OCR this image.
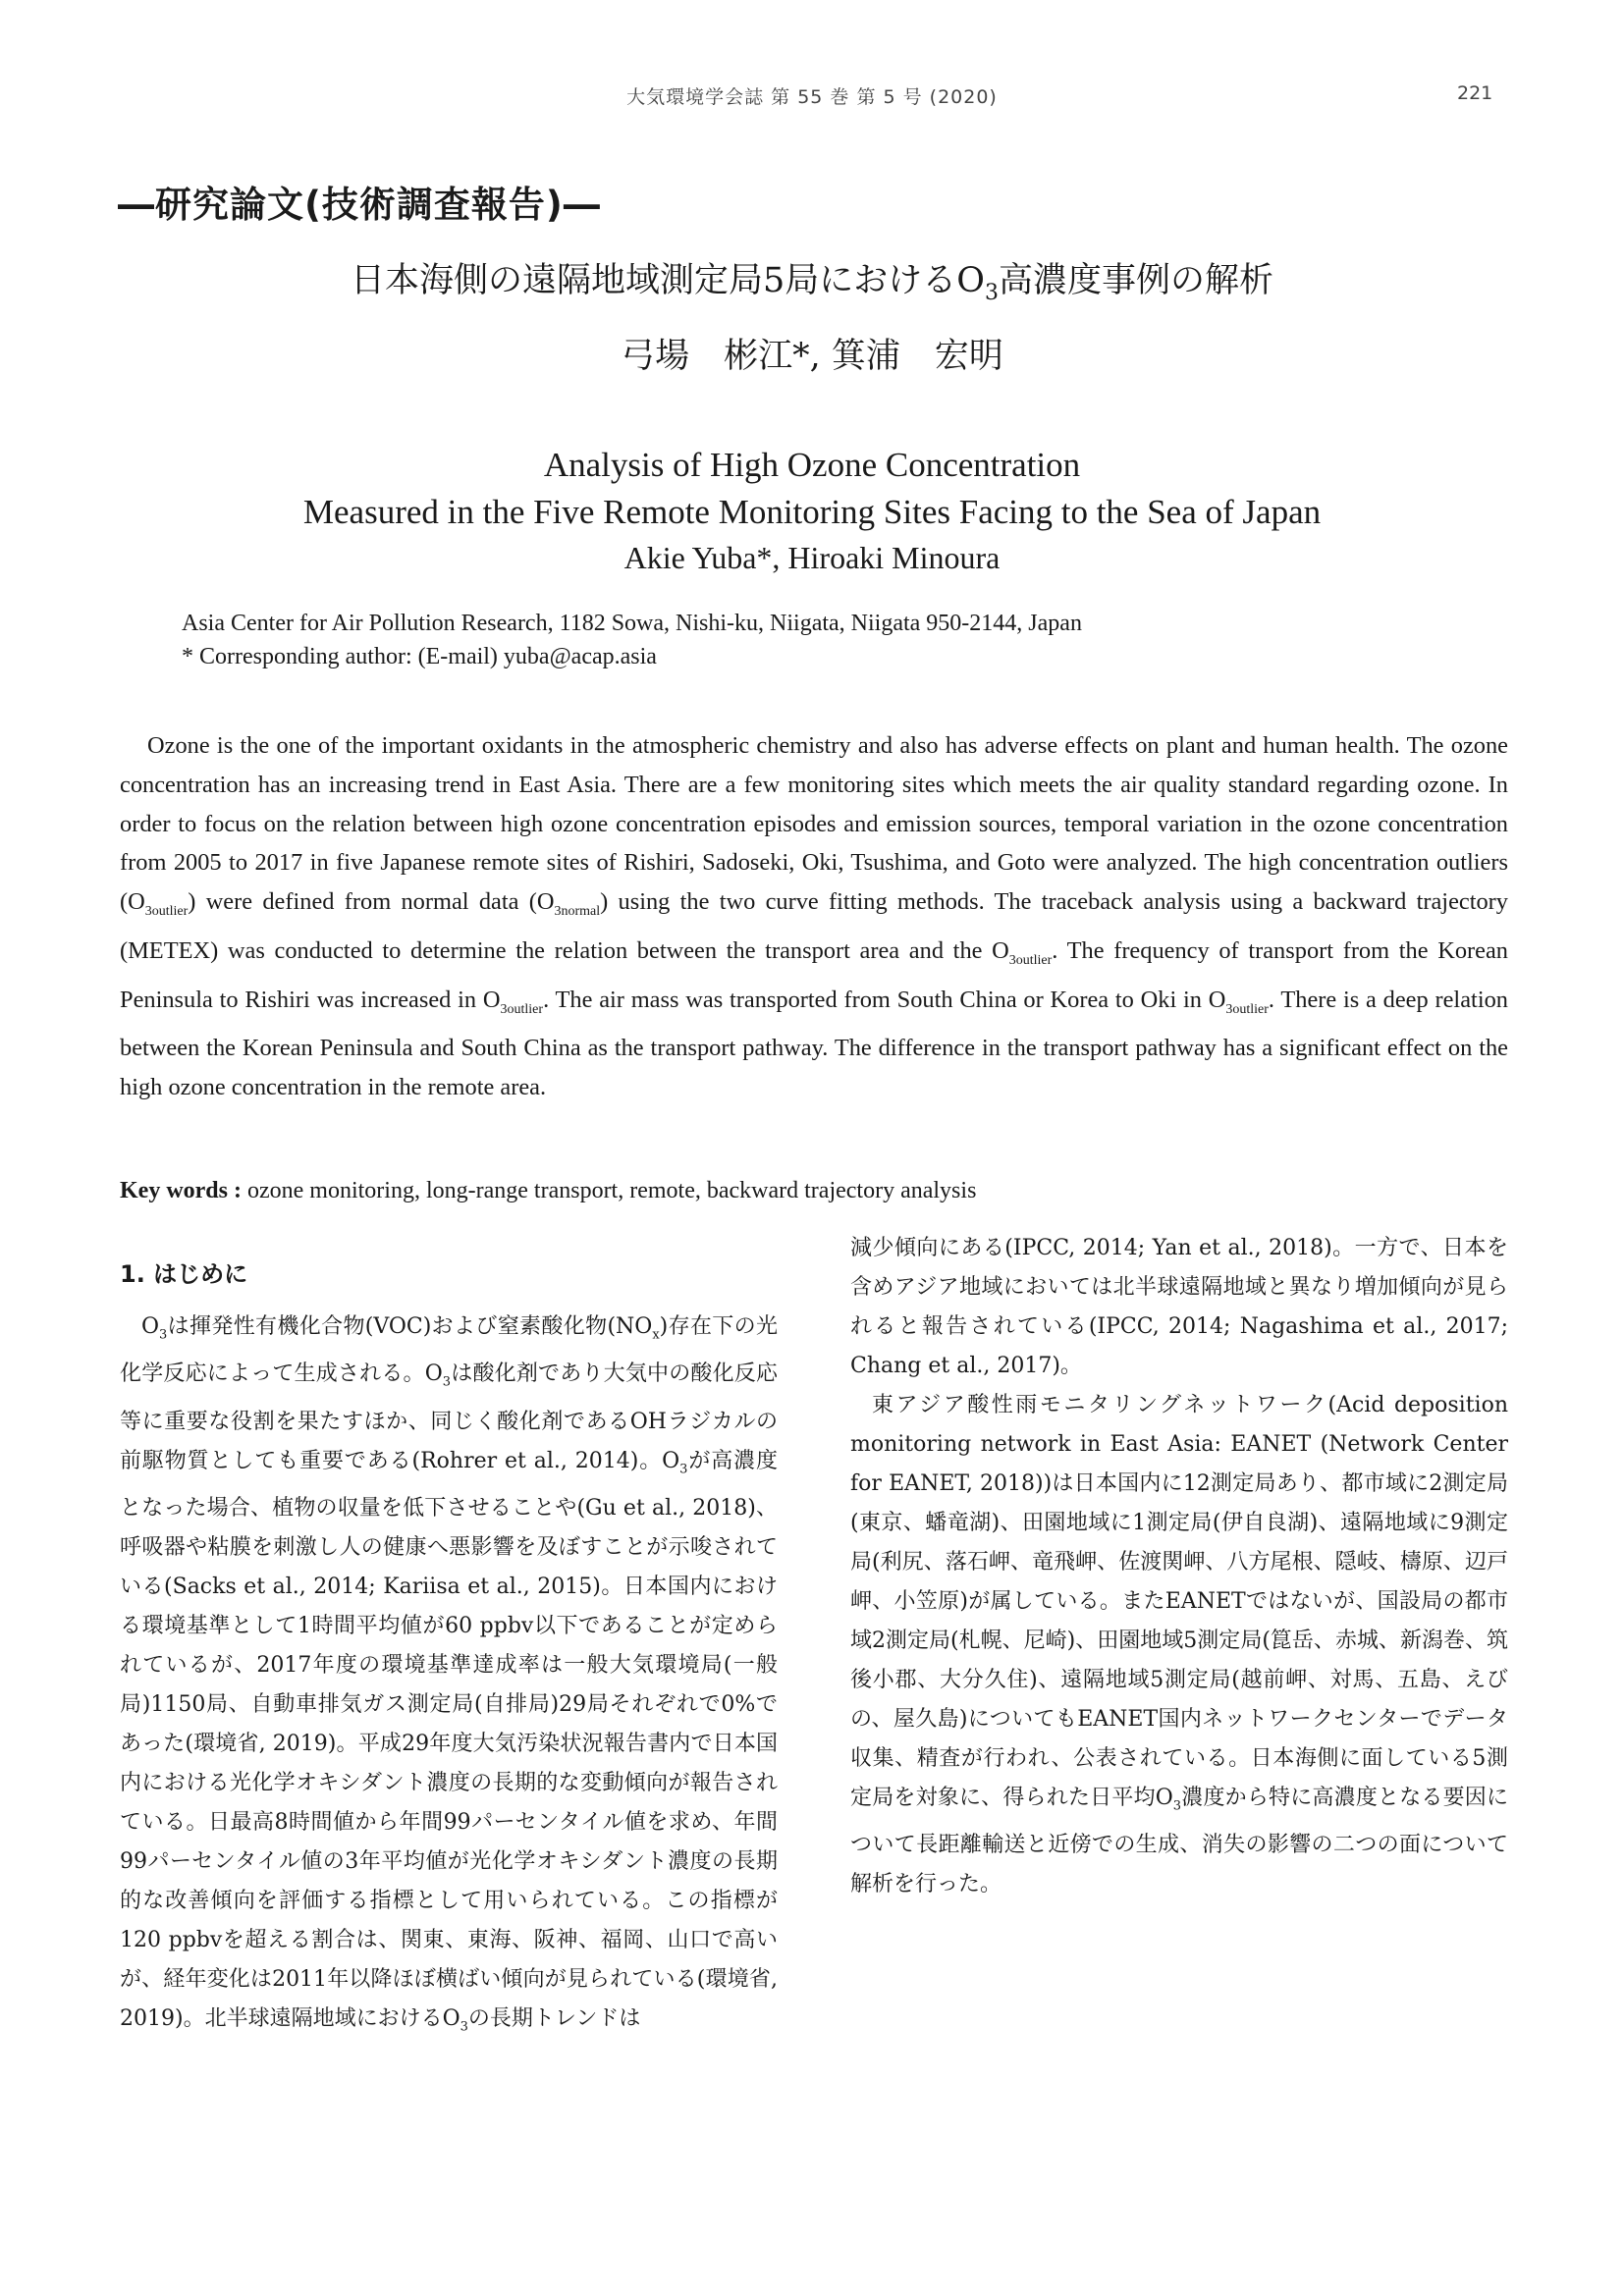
大気環境学会誌 第 55 巻 第 5 号 (2020)	221
―研究論文(技術調査報告)―
日本海側の遠隔地域測定局5局における$O_3$高濃度事例の解析
弓場　彬江*, 箕浦　宏明
Analysis of High Ozone Concentration
Measured in the Five Remote Monitoring Sites Facing to the Sea of Japan
Akie Yuba*, Hiroaki Minoura
Asia Center for Air Pollution Research, 1182 Sowa, Nishi-ku, Niigata, Niigata 950-2144, Japan
* Corresponding author: (E-mail) yuba@acap.asia
Ozone is the one of the important oxidants in the atmospheric chemistry and also has adverse effects on plant and human health. The ozone concentration has an increasing trend in East Asia. There are a few monitoring sites which meets the air quality standard regarding ozone. In order to focus on the relation between high ozone concentration episodes and emission sources, temporal variation in the ozone concentration from 2005 to 2017 in five Japanese remote sites of Rishiri, Sadoseki, Oki, Tsushima, and Goto were analyzed. The high concentration outliers $(O_{3outlier})$ were defined from normal data $(O_{3normal})$ using the two curve fitting methods. The traceback analysis using a backward trajectory (METEX) was conducted to determine the relation between the transport area and the $O_{3outlier}$. The frequency of transport from the Korean Peninsula to Rishiri was increased in $O_{3outlier}$. The air mass was transported from South China or Korea to Oki in $O_{3outlier}$. There is a deep relation between the Korean Peninsula and South China as the transport pathway. The difference in the transport pathway has a significant effect on the high ozone concentration in the remote area.
Key words : ozone monitoring, long-range transport, remote, backward trajectory analysis
1. はじめに

$O_3$は揮発性有機化合物(VOC)および窒素酸化物$(NO_x)$存在下の光化学反応によって生成される。$O_3$は酸化剤であり大気中の酸化反応等に重要な役割を果たすほか、同じく酸化剤であるOHラジカルの前駆物質としても重要である(Rohrer et al., 2014)。$O_3$が高濃度となった場合、植物の収量を低下させることや(Gu et al., 2018)、呼吸器や粘膜を刺激し人の健康へ悪影響を及ぼすことが示唆されている(Sacks et al., 2014; Kariisa et al., 2015)。日本国内における環境基準として1時間平均値が60 ppbv以下であることが定められているが、2017年度の環境基準達成率は一般大気環境局(一般局)1150局、自動車排気ガス測定局(自排局)29局それぞれで0%であった(環境省, 2019)。平成29年度大気汚染状況報告書内で日本国内における光化学オキシダント濃度の長期的な変動傾向が報告されている。日最高8時間値から年間99パーセンタイル値を求め、年間99パーセンタイル値の3年平均値が光化学オキシダント濃度の長期的な改善傾向を評価する指標として用いられている。この指標が120 ppbvを超える割合は、関東、東海、阪神、福岡、山口で高いが、経年変化は2011年以降ほぼ横ばい傾向が見られている(環境省, 2019)。北半球遠隔地域における$O_3$の長期トレンドは

減少傾向にある(IPCC, 2014; Yan et al., 2018)。一方で、日本を含めアジア地域においては北半球遠隔地域と異なり増加傾向が見られると報告されている(IPCC, 2014; Nagashima et al., 2017; Chang et al., 2017)。

東アジア酸性雨モニタリングネットワーク(Acid deposition monitoring network in East Asia: EANET (Network Center for EANET, 2018))は日本国内に12測定局あり、都市域に2測定局(東京、蟠竜湖)、田園地域に1測定局(伊自良湖)、遠隔地域に9測定局(利尻、落石岬、竜飛岬、佐渡関岬、八方尾根、隠岐、檮原、辺戸岬、小笠原)が属している。またEANETではないが、国設局の都市域2測定局(札幌、尼崎)、田園地域5測定局(箟岳、赤城、新潟巻、筑後小郡、大分久住)、遠隔地域5測定局(越前岬、対馬、五島、えびの、屋久島)についてもEANET国内ネットワークセンターでデータ収集、精査が行われ、公表されている。日本海側に面している5測定局を対象に、得られた日平均$O_3$濃度から特に高濃度となる要因について長距離輸送と近傍での生成、消失の影響の二つの面について解析を行った。
